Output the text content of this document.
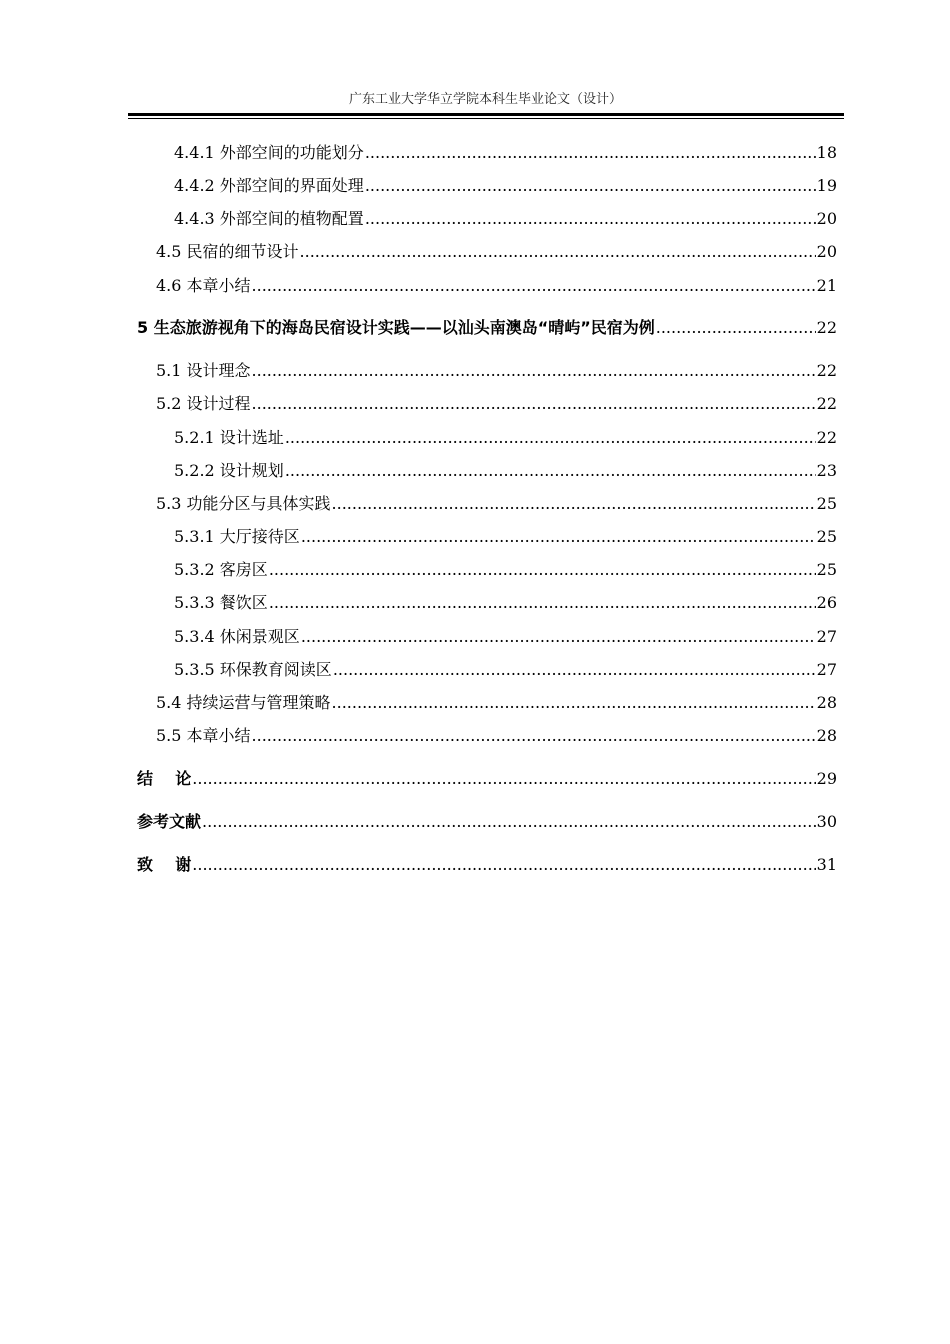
广东工业大学华立学院本科生毕业论文（设计）
4.4.1 外部空间的功能划分 .....	18
4.4.2 外部空间的界面处理 .....	19
4.4.3 外部空间的植物配置 .....	20
4.5 民宿的细节设计 .....	20
4.6 本章小结 .....	21
5 生态旅游视角下的海岛民宿设计实践——以汕头南澳岛“晴屿”民宿为例 .....	22
5.1 设计理念 .....	22
5.2 设计过程 .....	22
5.2.1 设计选址 .....	22
5.2.2 设计规划 .....	23
5.3 功能分区与具体实践 .....	25
5.3.1 大厅接待区 .....	25
5.3.2 客房区 .....	25
5.3.3 餐饮区 .....	26
5.3.4 休闲景观区 .....	27
5.3.5 环保教育阅读区 .....	27
5.4 持续运营与管理策略 .....	28
5.5 本章小结 .....	28
结    论 .....	29
参考文献 .....	30
致    谢 .....	31
